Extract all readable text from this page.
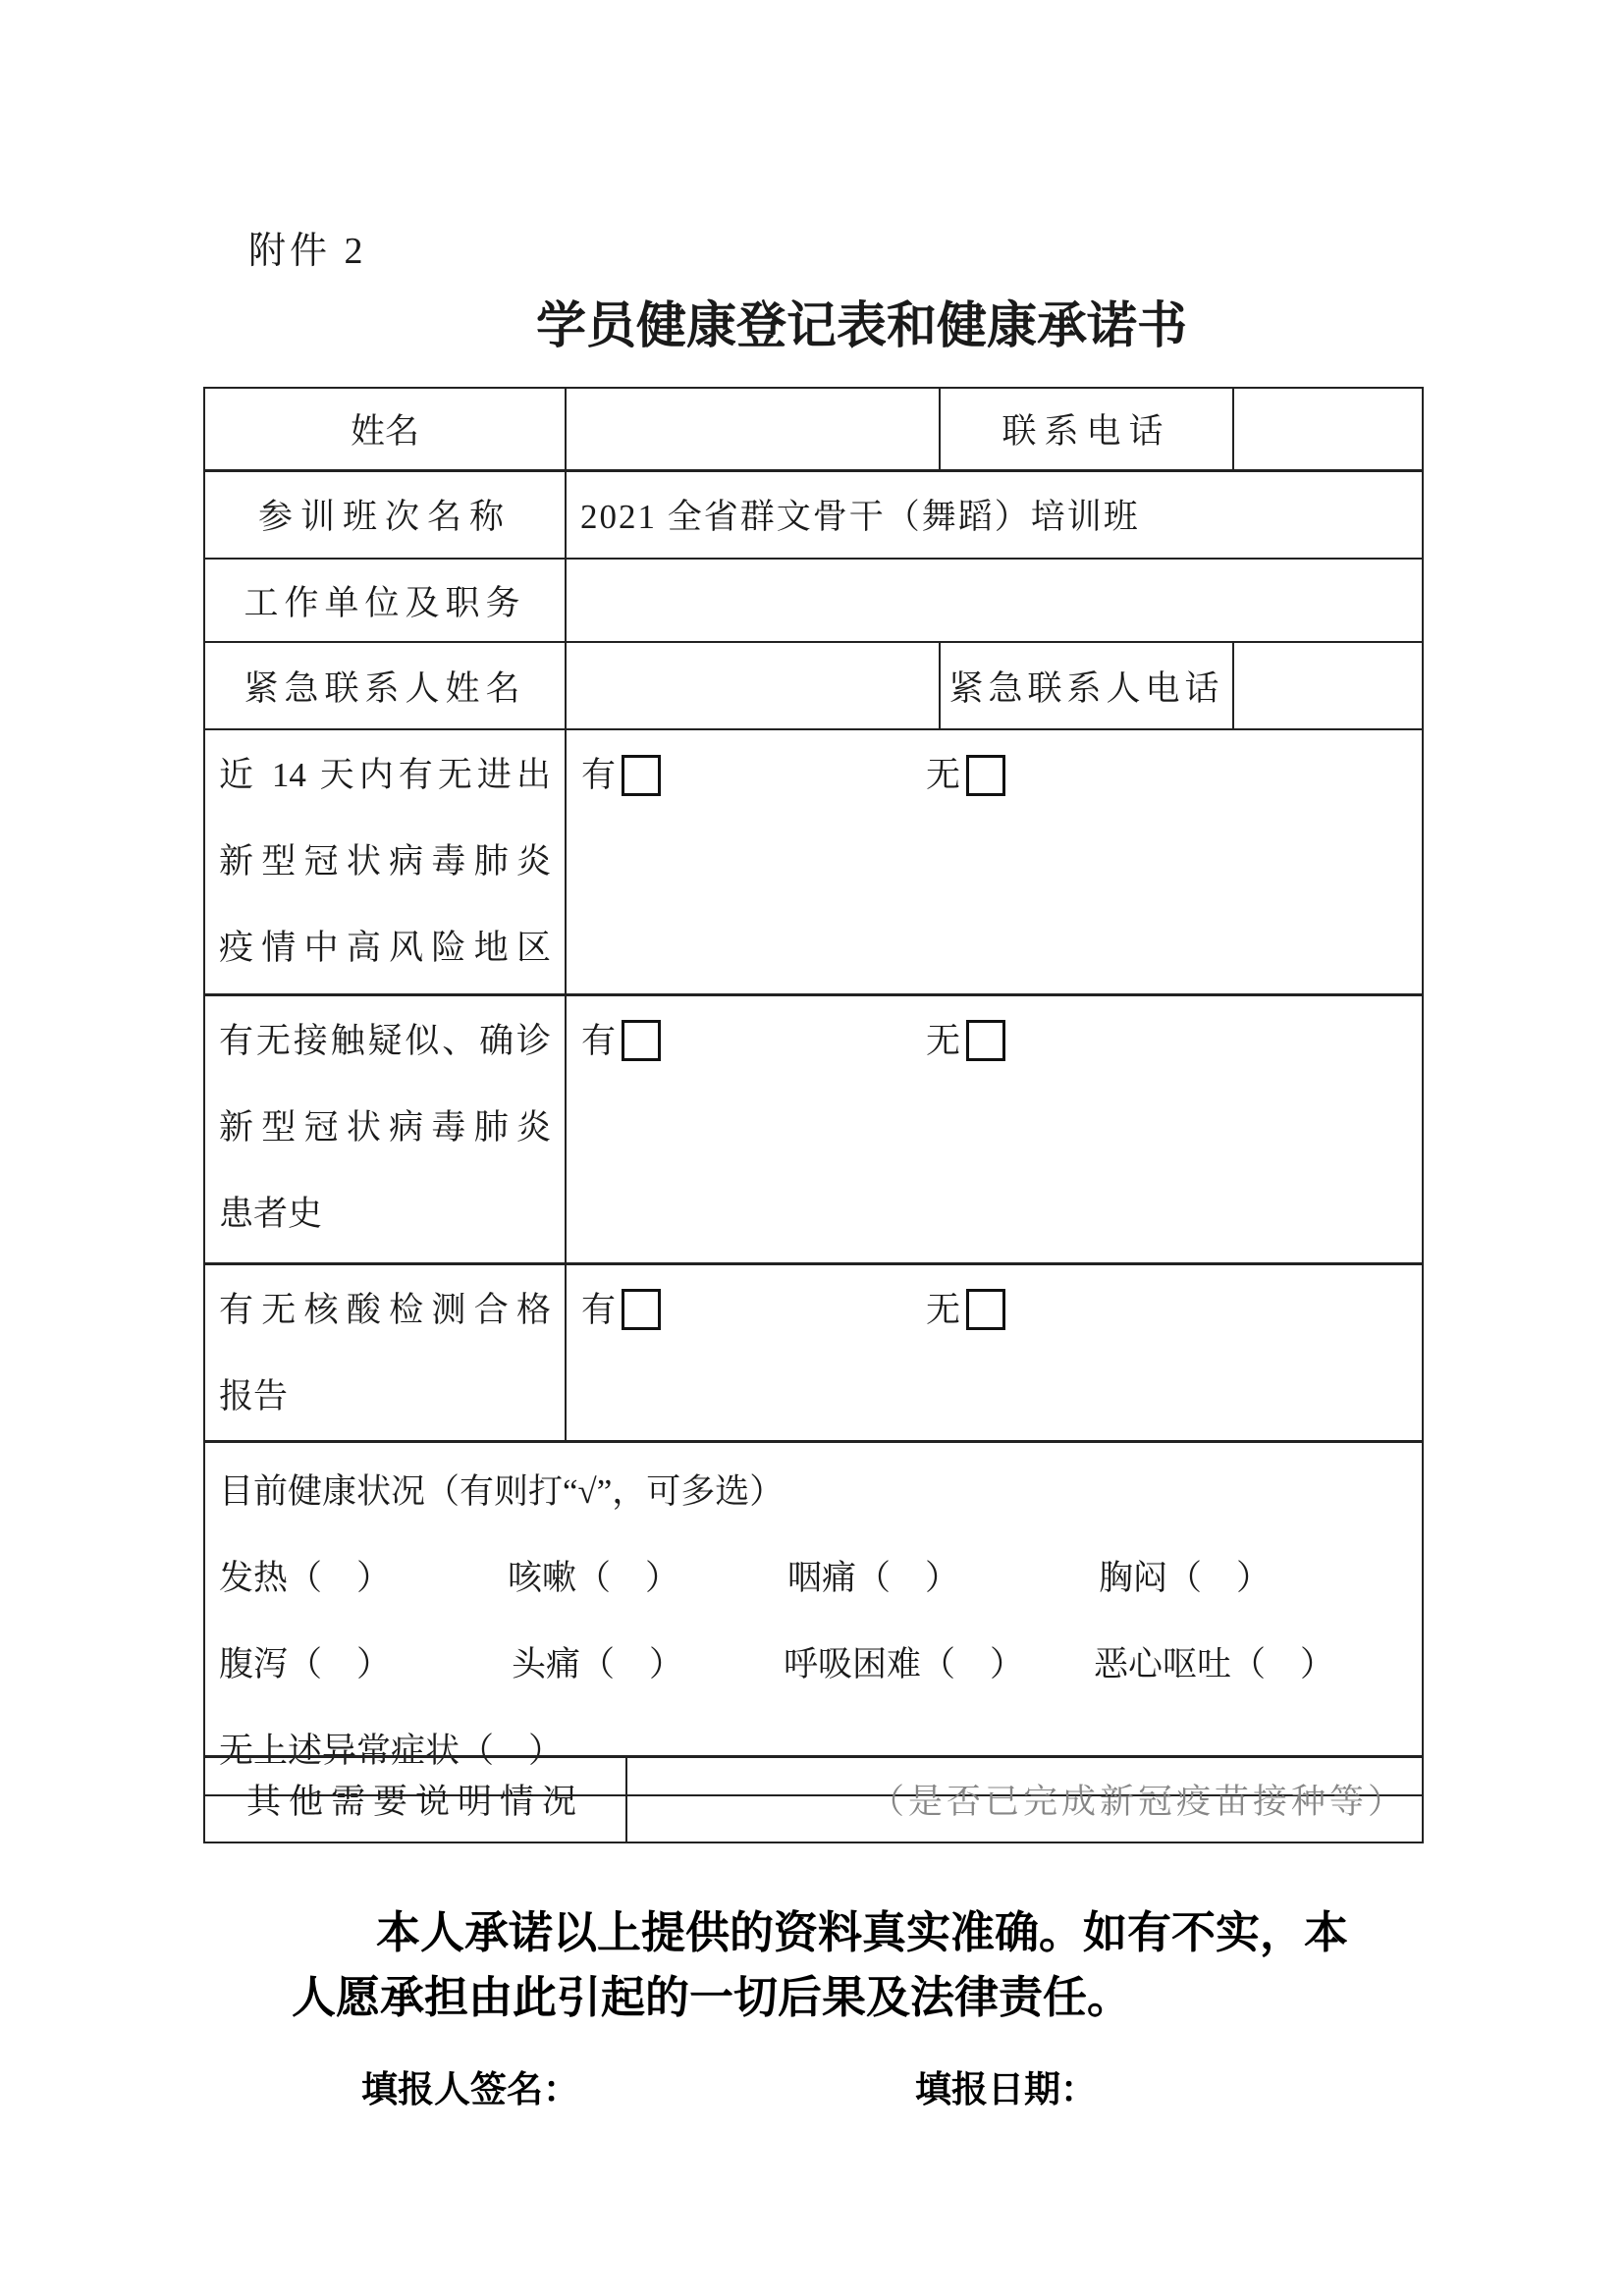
附件 2
学员健康登记表和健康承诺书
姓名		联系电话	
参训班次名称	2021 全省群文骨干（舞蹈）培训班		
工作单位及职务			
紧急联系人姓名		紧急联系人电话	

近 14 天内有无进出
新型冠状病毒肺炎
疫情中高风险地区	有 无		

有无接触疑似、确诊
新型冠状病毒肺炎
患者史	有 无		

有无核酸检测合格
报告	有 无		

目前健康状况（有则打“√”，可多选）
发热（　） 咳嗽（　） 咽痛（　） 胸闷（　）
腹泻（　） 头痛（　） 呼吸困难（　） 恶心呕吐（　）
无上述异常症状（　）			
其他需要说明情况	（是否已完成新冠疫苗接种等）
本人承诺以上提供的资料真实准确。如有不实，本
人愿承担由此引起的一切后果及法律责任。
填报人签名：	填报日期：
